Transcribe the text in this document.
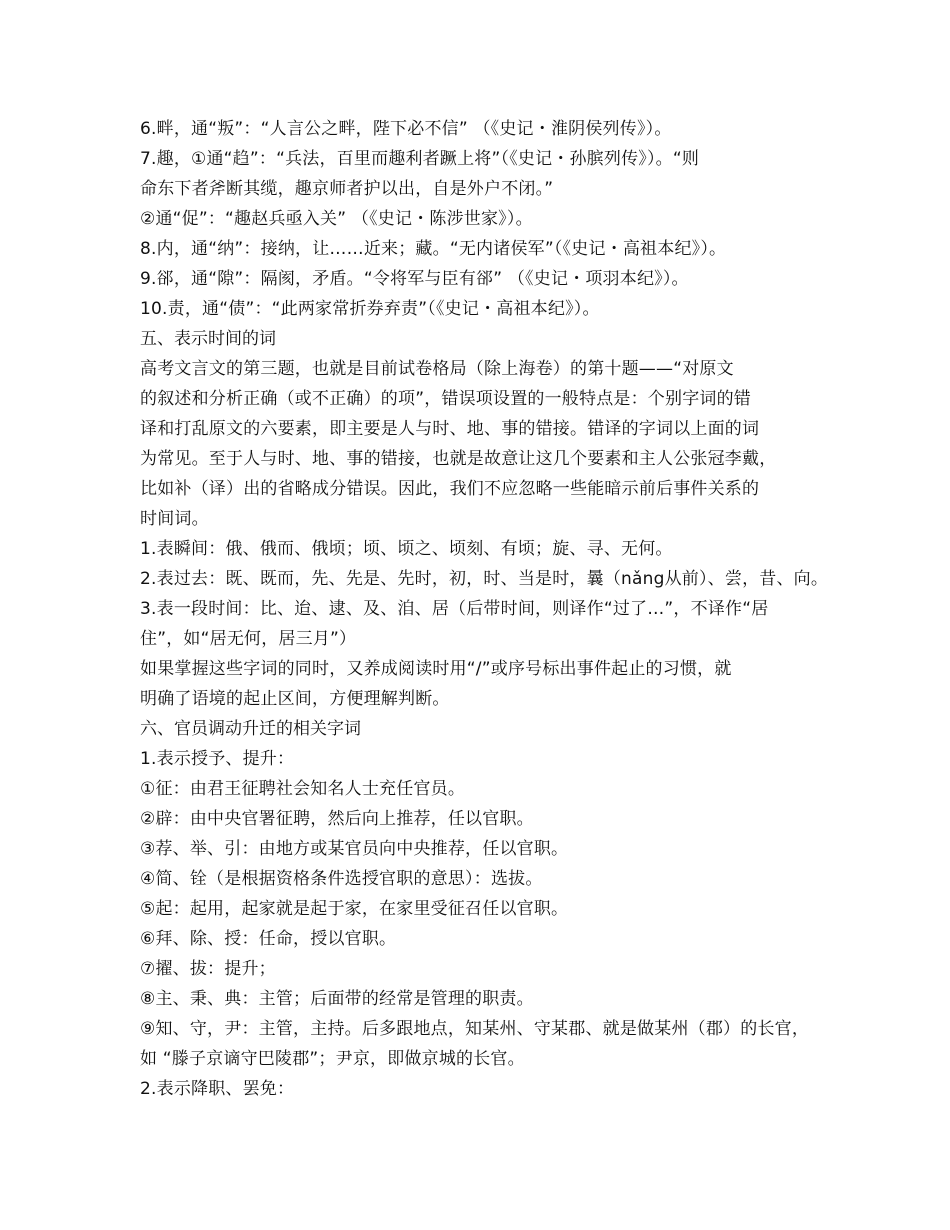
6.畔，通“叛”：“人言公之畔，陛下必不信” （《史记・淮阴侯列传》）。
7.趣，①通“趋”：“兵法，百里而趣利者蹶上将”（《史记・孙膑列传》）。“则
命东下者斧断其缆，趣京师者护以出，自是外户不闭。”
②通“促”：“趣赵兵亟入关” （《史记・陈涉世家》）。
8.内，通“纳”：接纳，让……近来；藏。“无内诸侯军”（《史记・高祖本纪》）。
9.郤，通“隙”：隔阂，矛盾。“令将军与臣有郤” （《史记・项羽本纪》）。
10.责，通“债”：“此两家常折券弃责”（《史记・高祖本纪》）。
五、表示时间的词
高考文言文的第三题，也就是目前试卷格局（除上海卷）的第十题——“对原文
的叙述和分析正确（或不正确）的项”，错误项设置的一般特点是：个别字词的错
译和打乱原文的六要素，即主要是人与时、地、事的错接。错译的字词以上面的词
为常见。至于人与时、地、事的错接，也就是故意让这几个要素和主人公张冠李戴，
比如补（译）出的省略成分错误。因此，我们不应忽略一些能暗示前后事件关系的
时间词。
1.表瞬间：俄、俄而、俄顷；顷、顷之、顷刻、有顷；旋、寻、无何。
2.表过去：既、既而，先、先是、先时，初，时、当是时，曩（nǎng从前）、尝，昔、向。
3.表一段时间：比、迨、逮、及、洎、居（后带时间，则译作“过了…”，不译作“居
住”，如“居无何，居三月”）
如果掌握这些字词的同时，又养成阅读时用“/”或序号标出事件起止的习惯，就
明确了语境的起止区间，方便理解判断。
六、官员调动升迁的相关字词
1.表示授予、提升：
①征：由君王征聘社会知名人士充任官员。
②辟：由中央官署征聘，然后向上推荐，任以官职。
③荐、举、引：由地方或某官员向中央推荐，任以官职。
④简、铨（是根据资格条件选授官职的意思）：选拔。
⑤起：起用，起家就是起于家，在家里受征召任以官职。
⑥拜、除、授：任命，授以官职。
⑦擢、拔：提升；
⑧主、秉、典：主管；后面带的经常是管理的职责。
⑨知、守，尹：主管，主持。后多跟地点，知某州、守某郡、就是做某州（郡）的长官，
如 “滕子京谪守巴陵郡”；尹京，即做京城的长官。
2.表示降职、罢免：
